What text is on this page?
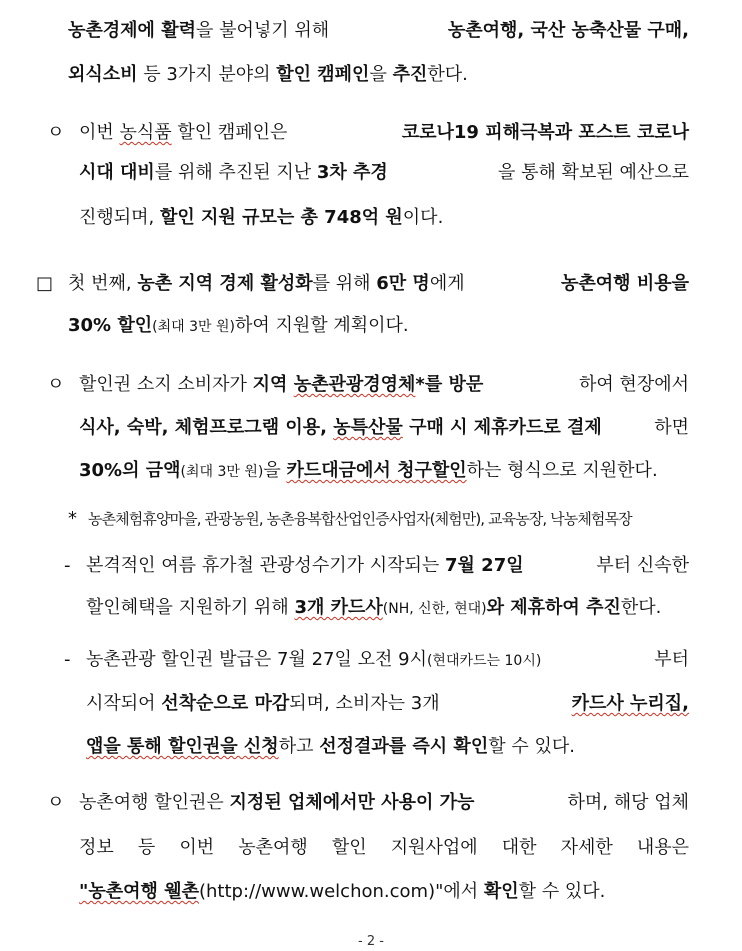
농촌경제에 활력을 불어넣기 위해	농촌여행, 국산 농축산물 구매,
외식소비 등 3가지 분야의 할인 캠페인을 추진한다.
ㅇ 이번 농식품 할인 캠페인은	코로나19 피해극복과 포스트 코로나
시대 대비를 위해 추진된 지난 3차 추경	을 통해 확보된 예산으로
진행되며, 할인 지원 규모는 총 748억 원이다.
□ 첫 번째, 농촌 지역 경제 활성화를 위해 6만 명에게	농촌여행 비용을
30% 할인(최대 3만 원)하여 지원할 계획이다.
ㅇ 할인권 소지 소비자가 지역 농촌관광경영체*를 방문	하여 현장에서
식사, 숙박, 체험프로그램 이용, 농특산물 구매 시 제휴카드로 결제	하면
30%의 금액(최대 3만 원)을 카드대금에서 청구할인하는 형식으로 지원한다.
* 농촌체험휴양마을, 관광농원, 농촌융복합산업인증사업자(체험만), 교육농장, 낙농체험목장
- 본격적인 여름 휴가철 관광성수기가 시작되는 7월 27일	부터 신속한
할인혜택을 지원하기 위해 3개 카드사(NH, 신한, 현대)와 제휴하여 추진한다.
- 농촌관광 할인권 발급은 7월 27일 오전 9시(현대카드는 10시)	부터
시작되어 선착순으로 마감되며, 소비자는 3개	카드사 누리집,
앱을 통해 할인권을 신청하고 선정결과를 즉시 확인할 수 있다.
ㅇ 농촌여행 할인권은 지정된 업체에서만 사용이 가능	하며, 해당 업체
정보 등 이번 농촌여행 할인 지원사업에 대한 자세한 내용은
"농촌여행 웰촌(http://www.welchon.com)"에서 확인할 수 있다.
- 2 -
